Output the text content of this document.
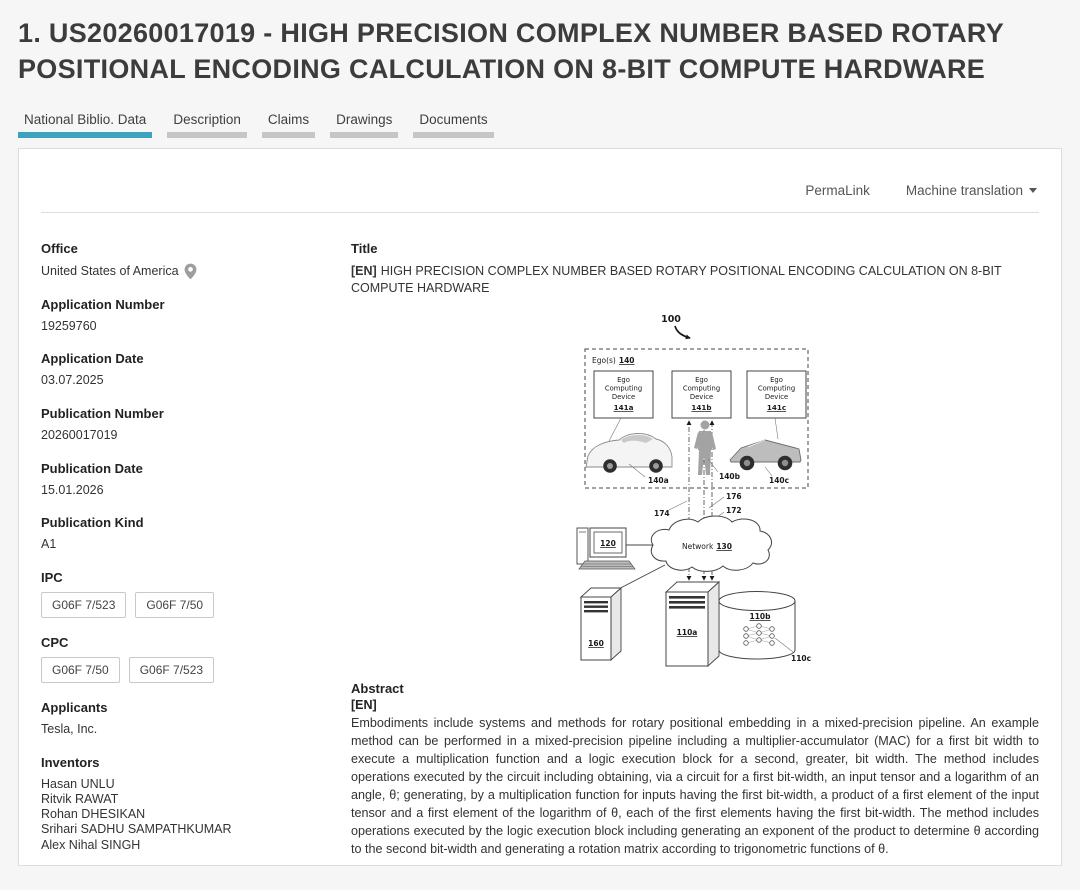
1. US20260017019 - HIGH PRECISION COMPLEX NUMBER BASED ROTARY POSITIONAL ENCODING CALCULATION ON 8-BIT COMPUTE HARDWARE
National Biblio. Data	Description	Claims	Drawings	Documents
PermaLink	Machine translation
Office
United States of America
Application Number
19259760
Application Date
03.07.2025
Publication Number
20260017019
Publication Date
15.01.2026
Publication Kind
A1
IPC
G06F 7/523	G06F 7/50
CPC
G06F 7/50	G06F 7/523
Applicants
Tesla, Inc.
Inventors
Hasan UNLU
Ritvik RAWAT
Rohan DHESIKAN
Srihari SADHU SAMPATHKUMAR
Alex Nihal SINGH
Title
[EN] HIGH PRECISION COMPLEX NUMBER BASED ROTARY POSITIONAL ENCODING CALCULATION ON 8-BIT COMPUTE HARDWARE
100
176
172
174
Ego(s) 140
Ego
Computing
Device
141a
Ego
Computing
Device
141b
Ego
Computing
Device
141c
140a	140b	140c
120	Network 130
110b
110c
160
110a
Abstract
[EN]

Embodiments include systems and methods for rotary positional embedding in a mixed-precision pipeline. An example method can be performed in a mixed-precision pipeline including a multiplier-accumulator (MAC) for a first bit width to execute a multiplication function and a logic execution block for a second, greater, bit width. The method includes operations executed by the circuit including obtaining, via a circuit for a first bit-width, an input tensor and a logarithm of an angle, θ; generating, by a multiplication function for inputs having the first bit-width, a product of a first element of the input tensor and a first element of the logarithm of θ, each of the first elements having the first bit-width. The method includes operations executed by the logic execution block including generating an exponent of the product to determine θ according to the second bit-width and generating a rotation matrix according to trigonometric functions of θ.
